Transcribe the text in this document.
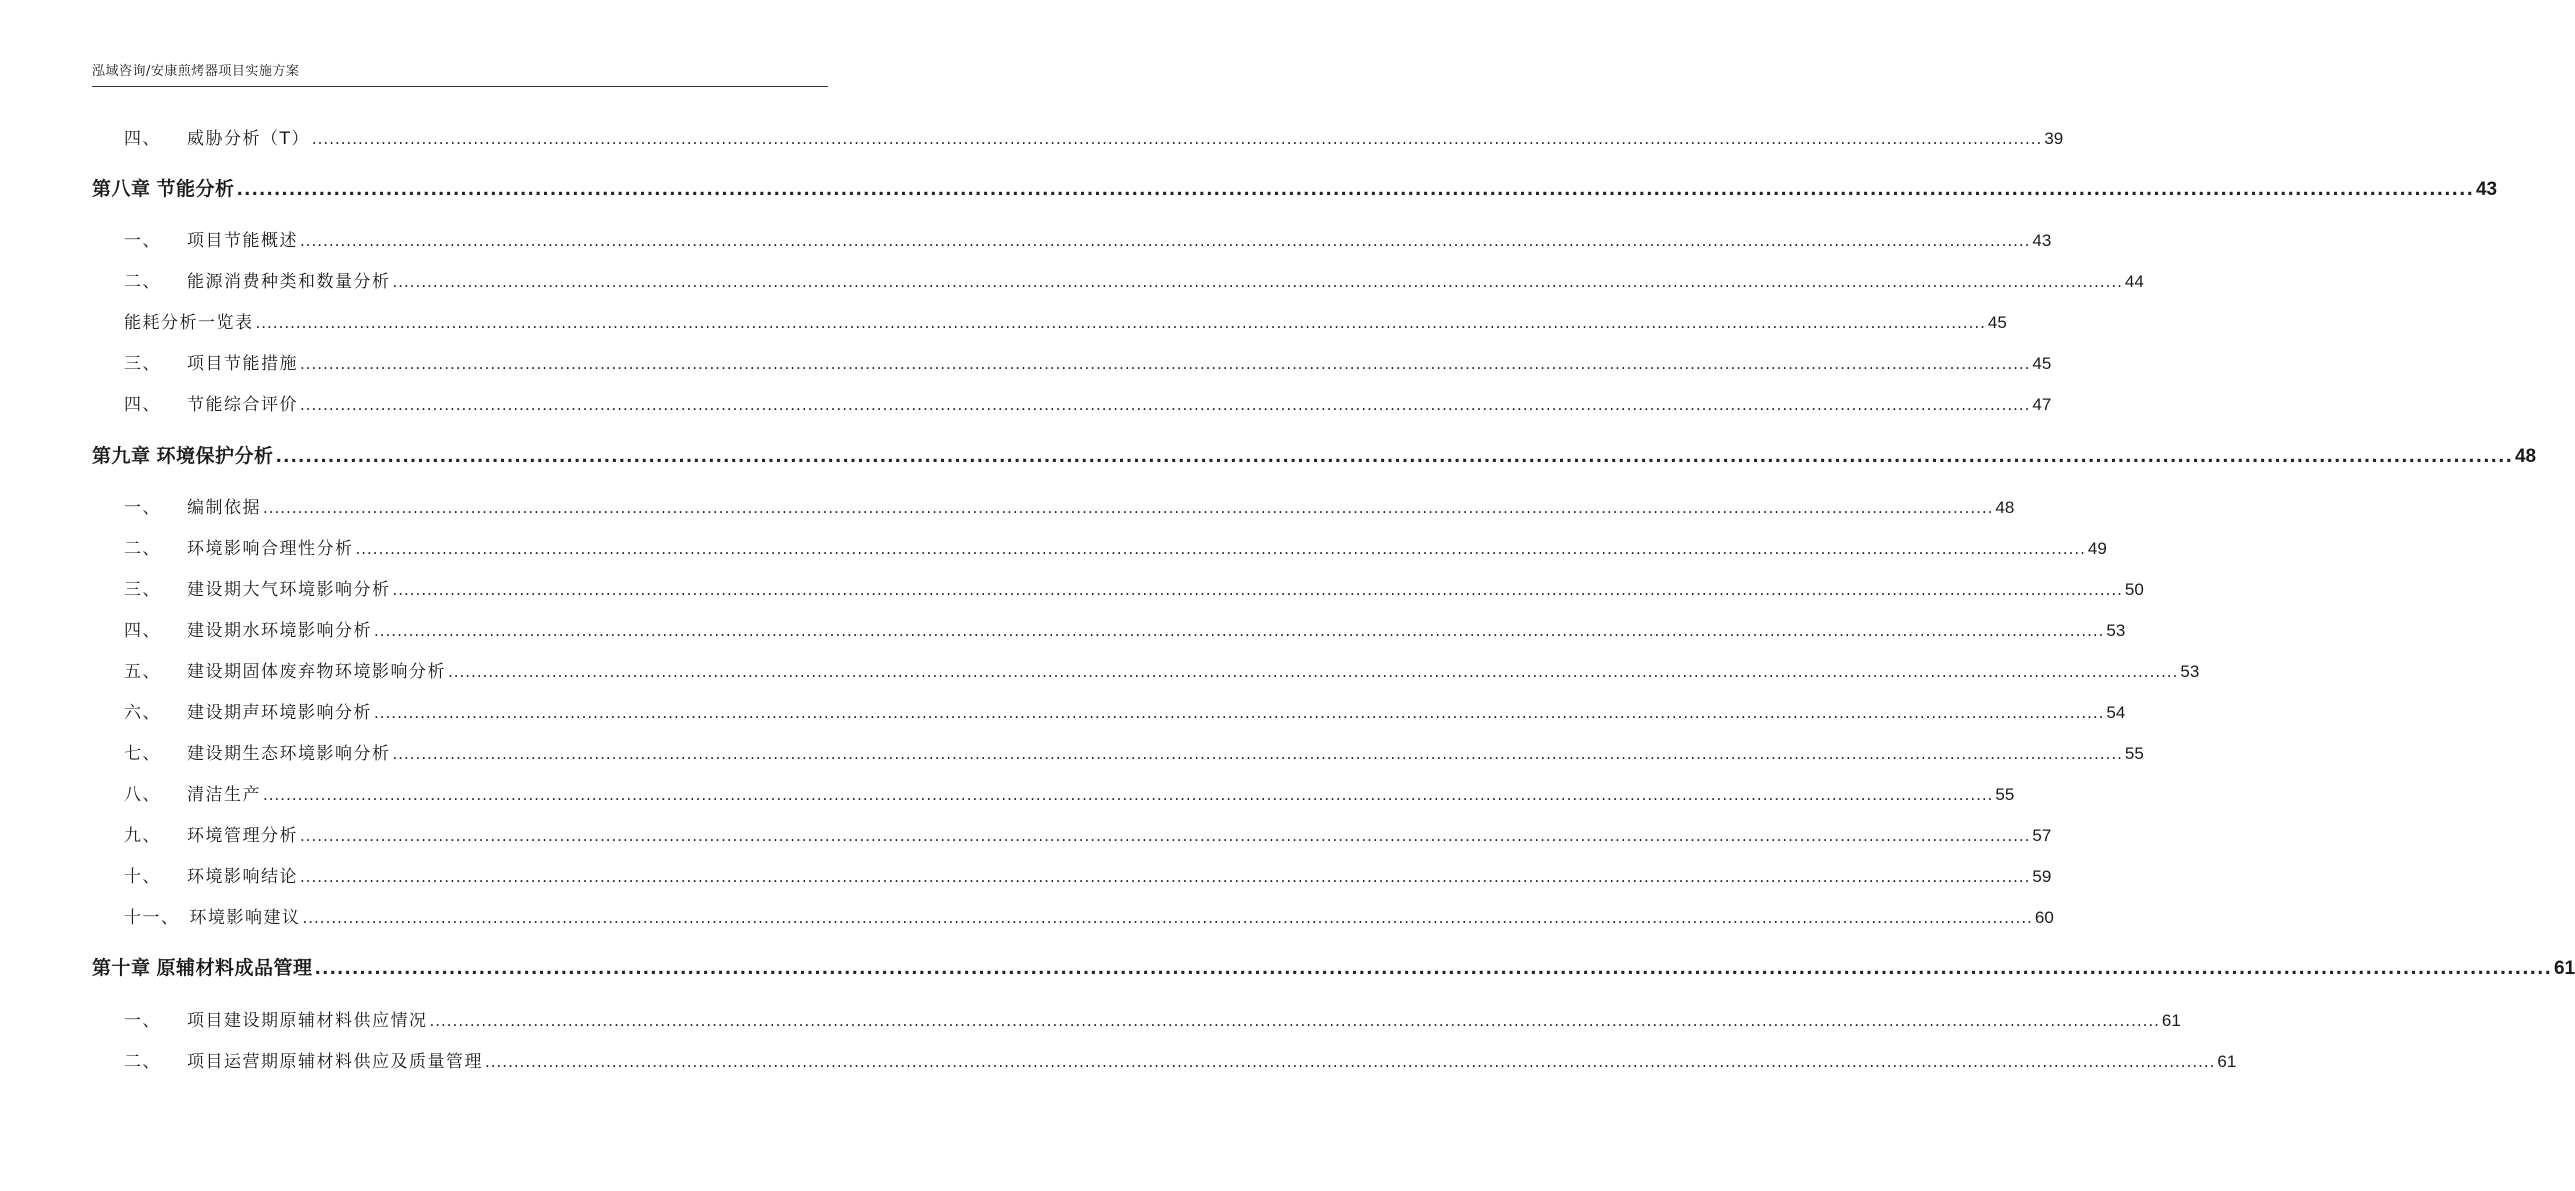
泓域咨询/安康煎烤器项目实施方案
四、 威胁分析（T） ............................................................................................................................................................................................................................................................................................................ 39
第八章 节能分析 ............................................................................................................................................................................................................................................................................................................ 43
一、 项目节能概述 ............................................................................................................................................................................................................................................................................................................ 43
二、 能源消费种类和数量分析 ............................................................................................................................................................................................................................................................................................................ 44
能耗分析一览表 ............................................................................................................................................................................................................................................................................................................ 45
三、 项目节能措施 ............................................................................................................................................................................................................................................................................................................ 45
四、 节能综合评价 ............................................................................................................................................................................................................................................................................................................ 47
第九章 环境保护分析 ............................................................................................................................................................................................................................................................................................................ 48
一、 编制依据 ............................................................................................................................................................................................................................................................................................................ 48
二、 环境影响合理性分析 ............................................................................................................................................................................................................................................................................................................ 49
三、 建设期大气环境影响分析 ............................................................................................................................................................................................................................................................................................................ 50
四、 建设期水环境影响分析 ............................................................................................................................................................................................................................................................................................................ 53
五、 建设期固体废弃物环境影响分析 ............................................................................................................................................................................................................................................................................................................ 53
六、 建设期声环境影响分析 ............................................................................................................................................................................................................................................................................................................ 54
七、 建设期生态环境影响分析 ............................................................................................................................................................................................................................................................................................................ 55
八、 清洁生产 ............................................................................................................................................................................................................................................................................................................ 55
九、 环境管理分析 ............................................................................................................................................................................................................................................................................................................ 57
十、 环境影响结论 ............................................................................................................................................................................................................................................................................................................ 59
十一、 环境影响建议 ............................................................................................................................................................................................................................................................................................................ 60
第十章 原辅材料成品管理 ............................................................................................................................................................................................................................................................................................................ 61
一、 项目建设期原辅材料供应情况 ............................................................................................................................................................................................................................................................................................................ 61
二、 项目运营期原辅材料供应及质量管理 ............................................................................................................................................................................................................................................................................................................ 61
